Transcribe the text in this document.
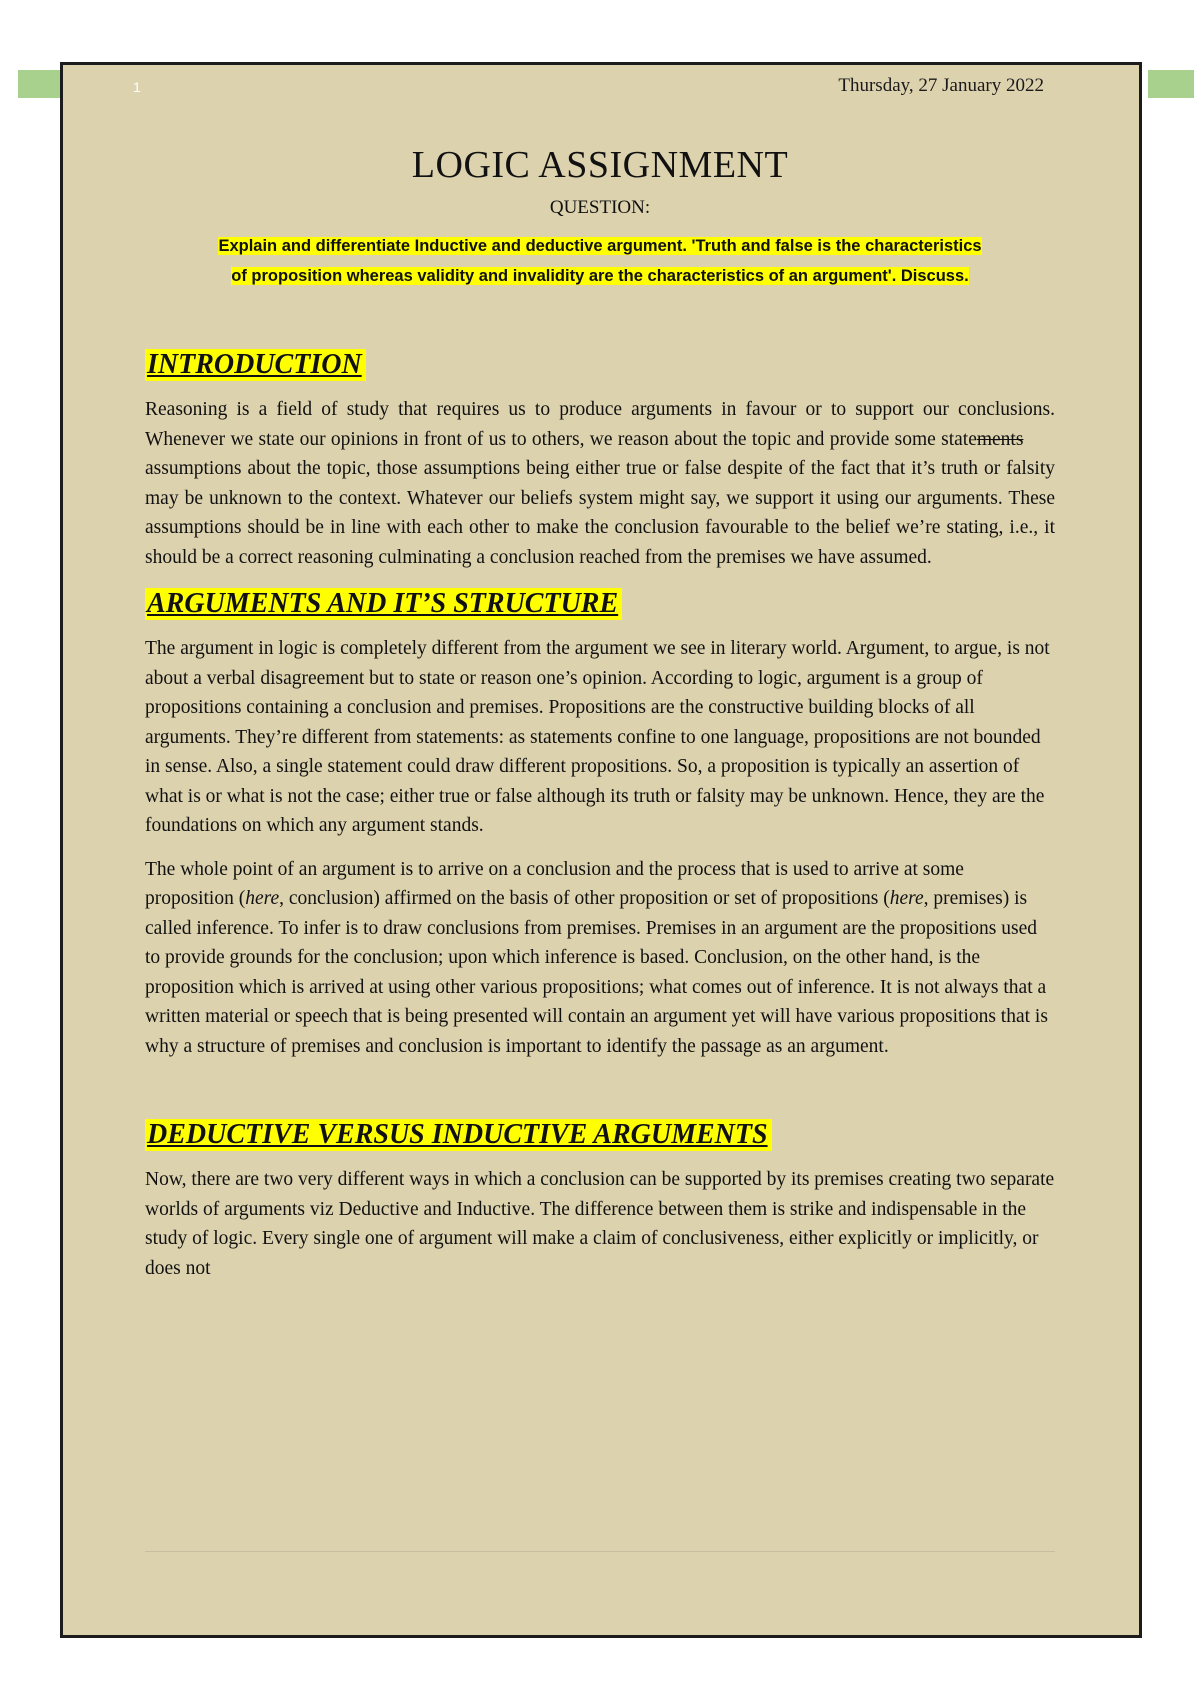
1	Thursday, 27 January 2022
LOGIC ASSIGNMENT

QUESTION:

Explain and differentiate Inductive and deductive argument. 'Truth and false is the characteristics
of proposition whereas validity and invalidity are the characteristics of an argument'. Discuss.

INTRODUCTION

Reasoning is a field of study that requires us to produce arguments in favour or to support our conclusions. Whenever we state our opinions in front of us to others, we reason about the topic and provide some statements       assumptions about the topic, those assumptions being either true or false despite of the fact that it’s truth or falsity may be unknown to the context. Whatever our beliefs system might say, we support it using our arguments. These assumptions should be in line with each other to make the conclusion favourable to the belief we’re stating, i.e., it should be a correct reasoning culminating a conclusion reached from the premises we have assumed.

ARGUMENTS AND IT’S STRUCTURE

The argument in logic is completely different from the argument we see in literary world. Argument, to argue, is not about a verbal disagreement but to state or reason one’s opinion. According to logic, argument is a group of propositions containing a conclusion and premises. Propositions are the constructive building blocks of all arguments. They’re different from statements: as statements confine to one language, propositions are not bounded in sense. Also, a single statement could draw different propositions. So, a proposition is typically an assertion of what is or what is not the case; either true or false although its truth or falsity may be unknown. Hence, they are the foundations on which any argument stands.

The whole point of an argument is to arrive on a conclusion and the process that is used to arrive at some proposition (here, conclusion) affirmed on the basis of other proposition or set of propositions (here, premises) is called inference. To infer is to draw conclusions from premises. Premises in an argument are the propositions used to provide grounds for the conclusion; upon which inference is based. Conclusion, on the other hand, is the proposition which is arrived at using other various propositions; what comes out of inference. It is not always that a written material or speech that is being presented will contain an argument yet will have various propositions that is why a structure of premises and conclusion is important to identify the passage as an argument.

DEDUCTIVE VERSUS INDUCTIVE ARGUMENTS

Now, there are two very different ways in which a conclusion can be supported by its premises creating two separate worlds of arguments viz Deductive and Inductive. The difference between them is strike and indispensable in the study of logic. Every single one of argument will make a claim of conclusiveness, either explicitly or implicitly, or does not
